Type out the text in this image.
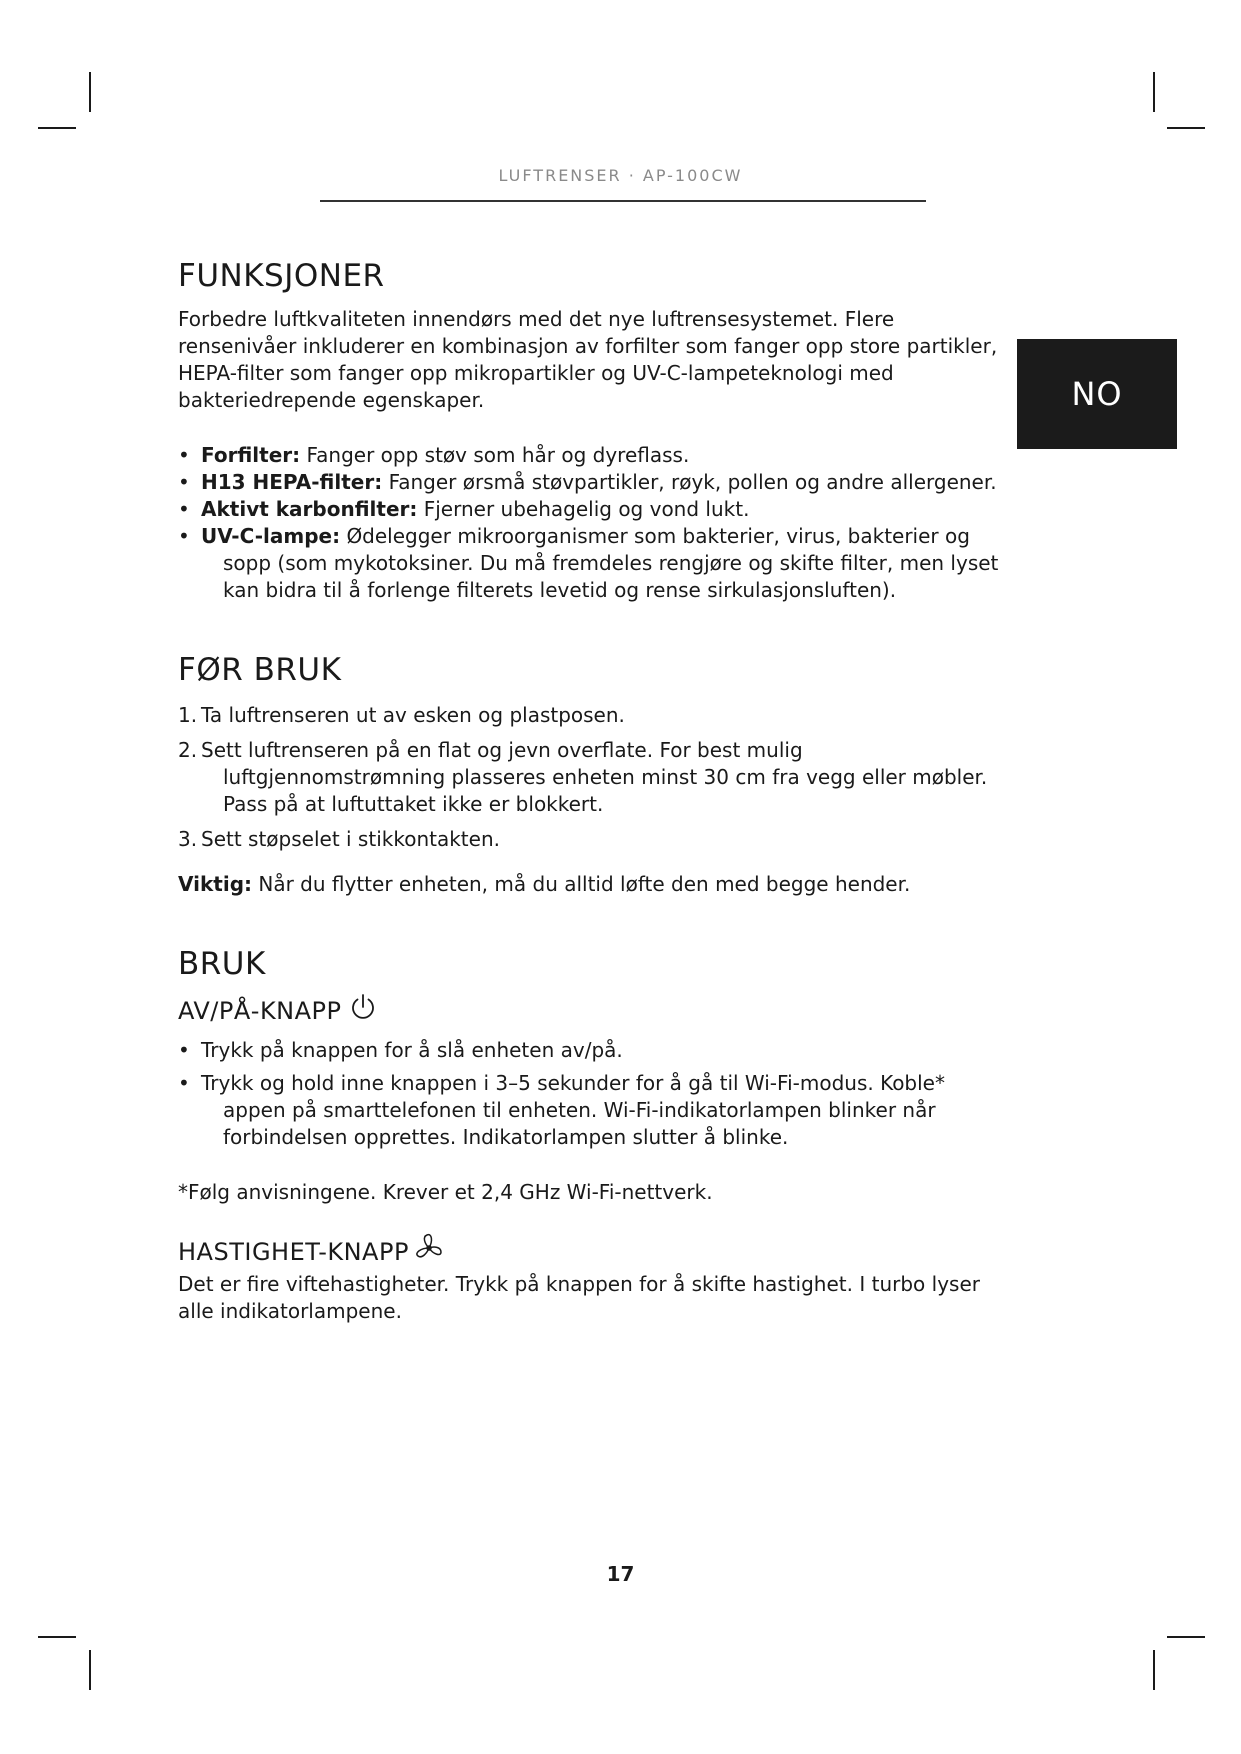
LUFTRENSER · AP-100CW
NO
FUNKSJONER

Forbedre luftkvaliteten innendørs med det nye luftrensesystemet. Flere rensenivåer inkluderer en kombinasjon av forfilter som fanger opp store partikler, HEPA-filter som fanger opp mikropartikler og UV-C-lampeteknologi med bakteriedrepende egenskaper.

• Forfilter: Fanger opp støv som hår og dyreflass.
• H13 HEPA-filter: Fanger ørsmå støvpartikler, røyk, pollen og andre allergener.
• Aktivt karbonfilter: Fjerner ubehagelig og vond lukt.
• UV-C-lampe: Ødelegger mikroorganismer som bakterier, virus, bakterier og sopp (som mykotoksiner. Du må fremdeles rengjøre og skifte filter, men lyset kan bidra til å forlenge filterets levetid og rense sirkulasjonsluften).
FØR BRUK
1. Ta luftrenseren ut av esken og plastposen.
2. Sett luftrenseren på en flat og jevn overflate. For best mulig luftgjennomstrømning plasseres enheten minst 30 cm fra vegg eller møbler. Pass på at luftuttaket ikke er blokkert.
3. Sett støpselet i stikkontakten.

Viktig: Når du flytter enheten, må du alltid løfte den med begge hender.

BRUK
AV/PÅ-KNAPP
• Trykk på knappen for å slå enheten av/på.
• Trykk og hold inne knappen i 3–5 sekunder for å gå til Wi-Fi-modus. Koble* appen på smarttelefonen til enheten. Wi-Fi-indikatorlampen blinker når forbindelsen opprettes. Indikatorlampen slutter å blinke.

*Følg anvisningene. Krever et 2,4 GHz Wi-Fi-nettverk.

HASTIGHET-KNAPP

Det er fire viftehastigheter. Trykk på knappen for å skifte hastighet. I turbo lyser alle indikatorlampene.

17
